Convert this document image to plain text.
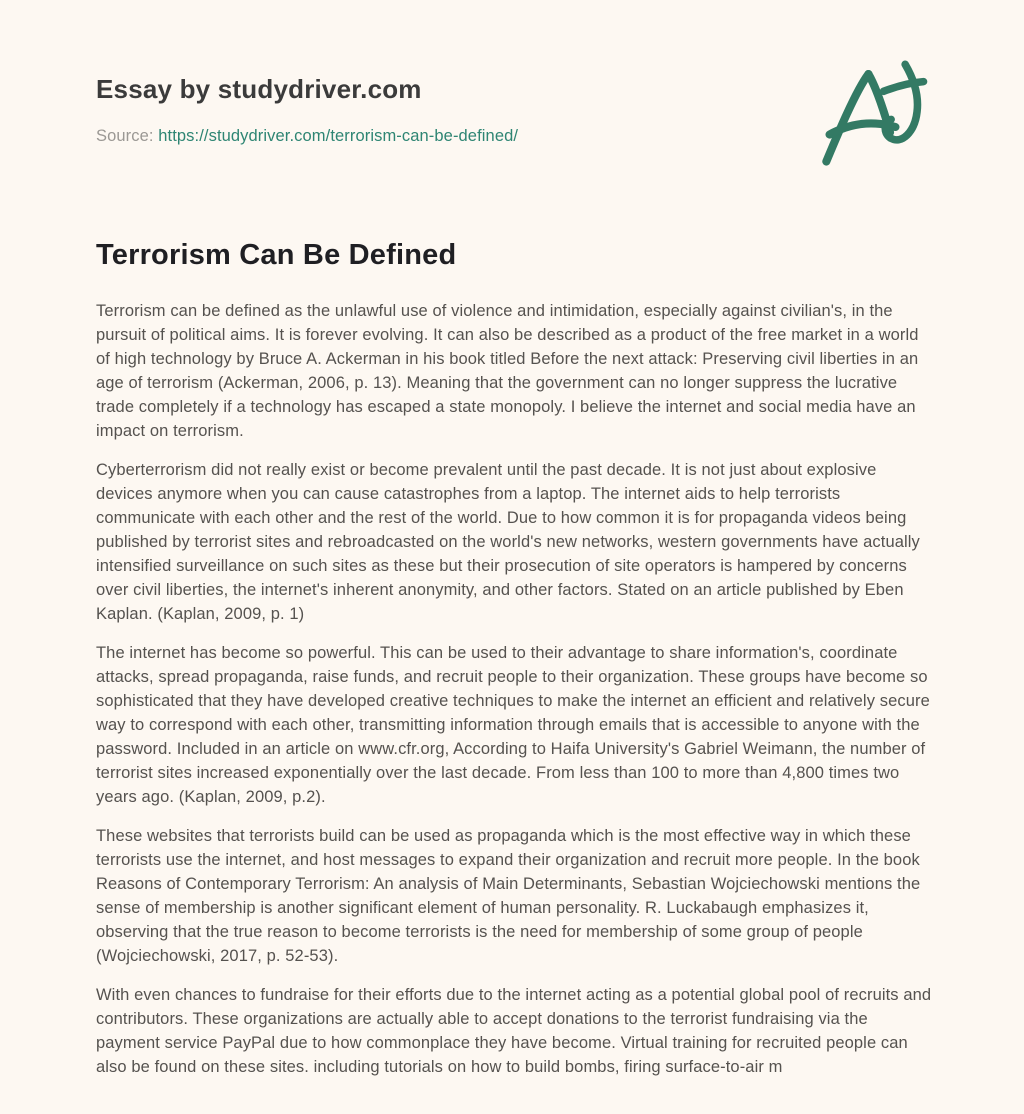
Essay by studydriver.com
Source: https://studydriver.com/terrorism-can-be-defined/
Terrorism Can Be Defined

Terrorism can be defined as the unlawful use of violence and intimidation, especially against civilian's, in the pursuit of political aims. It is forever evolving. It can also be described as a product of the free market in a world of high technology by Bruce A. Ackerman in his book titled Before the next attack: Preserving civil liberties in an age of terrorism (Ackerman, 2006, p. 13). Meaning that the government can no longer suppress the lucrative trade completely if a technology has escaped a state monopoly. I believe the internet and social media have an impact on terrorism.

Cyberterrorism did not really exist or become prevalent until the past decade. It is not just about explosive devices anymore when you can cause catastrophes from a laptop. The internet aids to help terrorists communicate with each other and the rest of the world. Due to how common it is for propaganda videos being published by terrorist sites and rebroadcasted on the world's new networks, western governments have actually intensified surveillance on such sites as these but their prosecution of site operators is hampered by concerns over civil liberties, the internet's inherent anonymity, and other factors. Stated on an article published by Eben Kaplan. (Kaplan, 2009, p. 1)

The internet has become so powerful. This can be used to their advantage to share information's, coordinate attacks, spread propaganda, raise funds, and recruit people to their organization. These groups have become so sophisticated that they have developed creative techniques to make the internet an efficient and relatively secure way to correspond with each other, transmitting information through emails that is accessible to anyone with the password. Included in an article on www.cfr.org, According to Haifa University's Gabriel Weimann, the number of terrorist sites increased exponentially over the last decade. From less than 100 to more than 4,800 times two years ago. (Kaplan, 2009, p.2).

These websites that terrorists build can be used as propaganda which is the most effective way in which these terrorists use the internet, and host messages to expand their organization and recruit more people. In the book Reasons of Contemporary Terrorism: An analysis of Main Determinants, Sebastian Wojciechowski mentions the sense of membership is another significant element of human personality. R. Luckabaugh emphasizes it, observing that the true reason to become terrorists is the need for membership of some group of people (Wojciechowski, 2017, p. 52-53).

With even chances to fundraise for their efforts due to the internet acting as a potential global pool of recruits and contributors. These organizations are actually able to accept donations to the terrorist fundraising via the payment service PayPal due to how commonplace they have become. Virtual training for recruited people can also be found on these sites. including tutorials on how to build bombs, firing surface-to-air m
